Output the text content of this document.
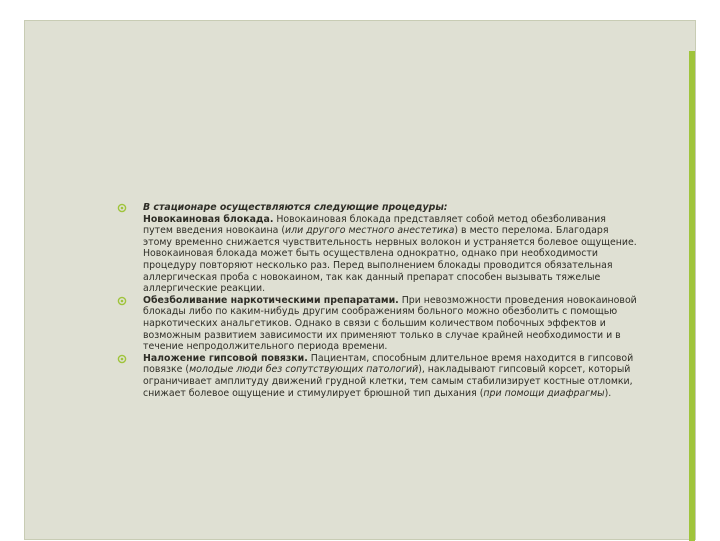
В стационаре осуществляются следующие процедуры:
Новокаиновая блокада. Новокаиновая блокада представляет собой метод обезболивания путем введения новокаина (или другого местного анестетика) в место перелома. Благодаря этому временно снижается чувствительность нервных волокон и устраняется болевое ощущение. Новокаиновая блокада может быть осуществлена однократно, однако при необходимости процедуру повторяют несколько раз. Перед выполнением блокады проводится обязательная аллергическая проба с новокаином, так как данный препарат способен вызывать тяжелые аллергические реакции.
Обезболивание наркотическими препаратами. При невозможности проведения новокаиновой блокады либо по каким-нибудь другим соображениям больного можно обезболить с помощью наркотических анальгетиков. Однако в связи с большим количеством побочных эффектов и возможным развитием зависимости их применяют только в случае крайней необходимости и в течение непродолжительного периода времени.
Наложение гипсовой повязки. Пациентам, способным длительное время находится в гипсовой повязке (молодые люди без сопутствующих патологий), накладывают гипсовый корсет, который ограничивает амплитуду движений грудной клетки, тем самым стабилизирует костные отломки, снижает болевое ощущение и стимулирует брюшной тип дыхания (при помощи диафрагмы).
